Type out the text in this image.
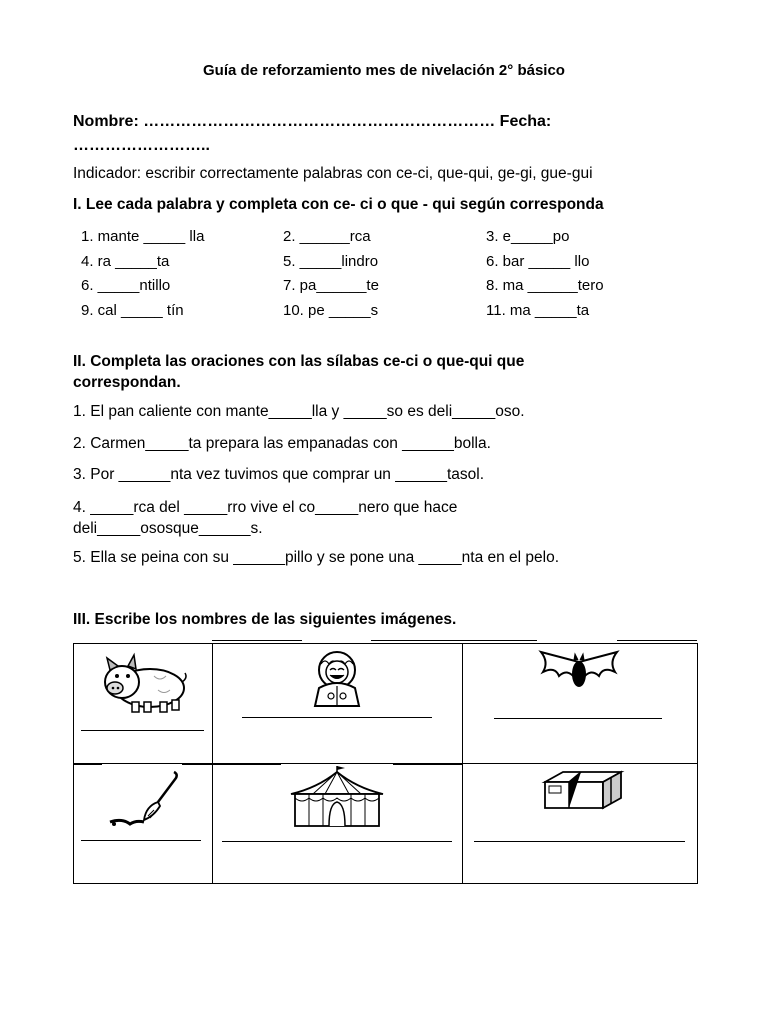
Guía de reforzamiento mes de nivelación 2° básico
Nombre: ………………………………………………………… Fecha:
……………………..
Indicador: escribir correctamente palabras con ce-ci, que-qui, ge-gi, gue-gui
I. Lee cada palabra y completa con ce- ci o que - qui según corresponda
1. mante _____ lla	2. ______rca	3. e_____po
4. ra _____ta	5. _____lindro	6. bar _____ llo
6. _____ntillo	7. pa______te	8. ma ______tero
9. cal _____ tín	10. pe _____s	11. ma _____ta
II. Completa las oraciones con las sílabas ce-ci o que-qui que correspondan.
1. El pan caliente con mante_____lla y _____so es deli_____oso.
2. Carmen_____ta prepara las empanadas con ______bolla.
3. Por ______nta vez tuvimos que comprar un ______tasol.
4. _____rca del _____rro vive el co_____nero que hace deli_____ososque______s.
5. Ella se peina con su ______pillo y se pone una _____nta en el pelo.
III. Escribe los nombres de las siguientes imágenes.
